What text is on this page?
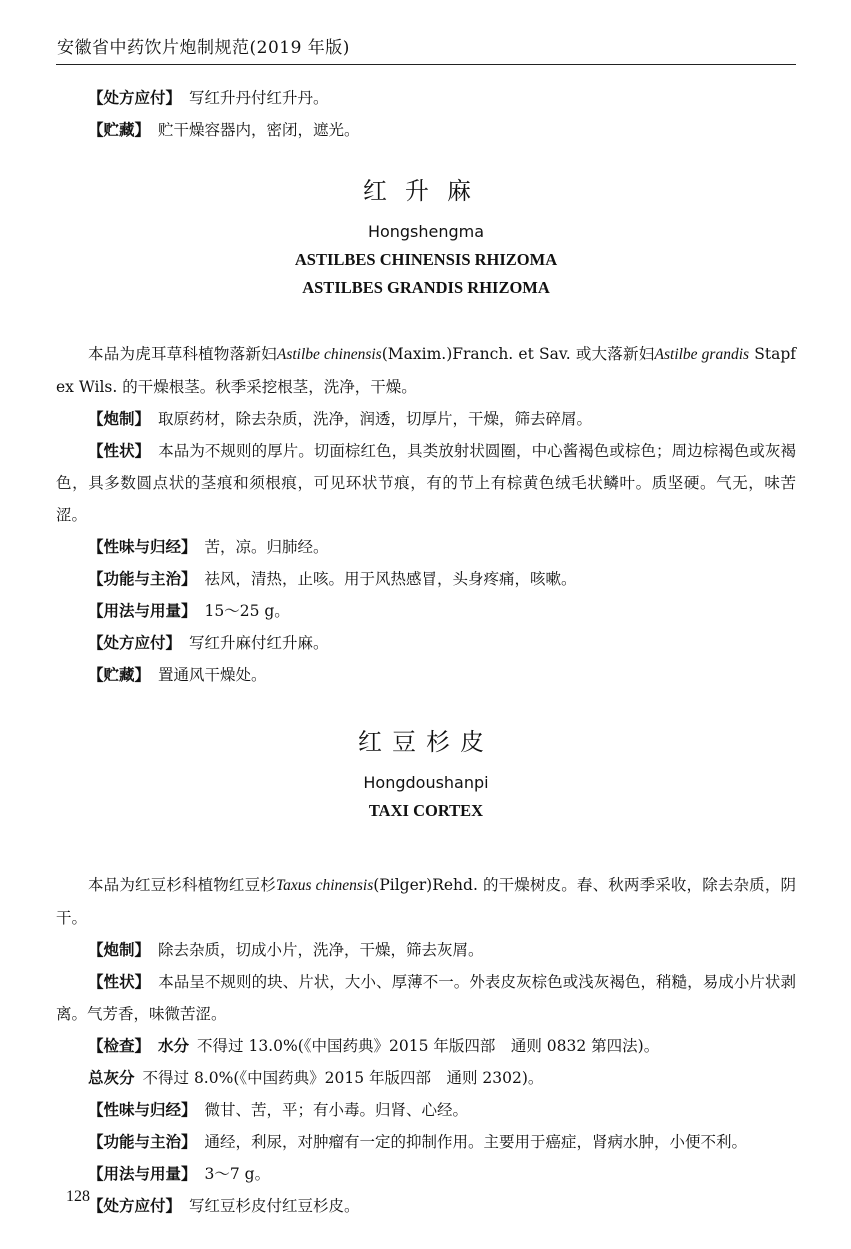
安徽省中药饮片炮制规范(2019 年版)

【处方应付】 写红升丹付红升丹。

【贮藏】 贮干燥容器内，密闭，遮光。

红升麻

Hongshengma

ASTILBES CHINENSIS RHIZOMA

ASTILBES GRANDIS RHIZOMA

本品为虎耳草科植物落新妇Astilbe chinensis(Maxim.)Franch. et Sav. 或大落新妇Astilbe grandis Stapf ex Wils. 的干燥根茎。秋季采挖根茎，洗净，干燥。

【炮制】 取原药材，除去杂质，洗净，润透，切厚片，干燥，筛去碎屑。

【性状】 本品为不规则的厚片。切面棕红色，具类放射状圆圈，中心酱褐色或棕色；周边棕褐色或灰褐色，具多数圆点状的茎痕和须根痕，可见环状节痕，有的节上有棕黄色绒毛状鳞叶。质坚硬。气无，味苦涩。

【性味与归经】 苦，凉。归肺经。

【功能与主治】 祛风，清热，止咳。用于风热感冒，头身疼痛，咳嗽。

【用法与用量】 15～25 g。

【处方应付】 写红升麻付红升麻。

【贮藏】 置通风干燥处。

红豆杉皮

Hongdoushanpi

TAXI CORTEX

本品为红豆杉科植物红豆杉Taxus chinensis(Pilger)Rehd. 的干燥树皮。春、秋两季采收，除去杂质，阴干。

【炮制】 除去杂质，切成小片，洗净，干燥，筛去灰屑。

【性状】 本品呈不规则的块、片状，大小、厚薄不一。外表皮灰棕色或浅灰褐色，稍糙，易成小片状剥离。气芳香，味微苦涩。

【检查】 水分 不得过 13.0%(《中国药典》2015 年版四部　通则 0832 第四法)。

总灰分 不得过 8.0%(《中国药典》2015 年版四部　通则 2302)。

【性味与归经】 微甘、苦，平；有小毒。归肾、心经。

【功能与主治】 通经，利尿，对肿瘤有一定的抑制作用。主要用于癌症，肾病水肿，小便不利。

【用法与用量】 3～7 g。

【处方应付】 写红豆杉皮付红豆杉皮。

128
